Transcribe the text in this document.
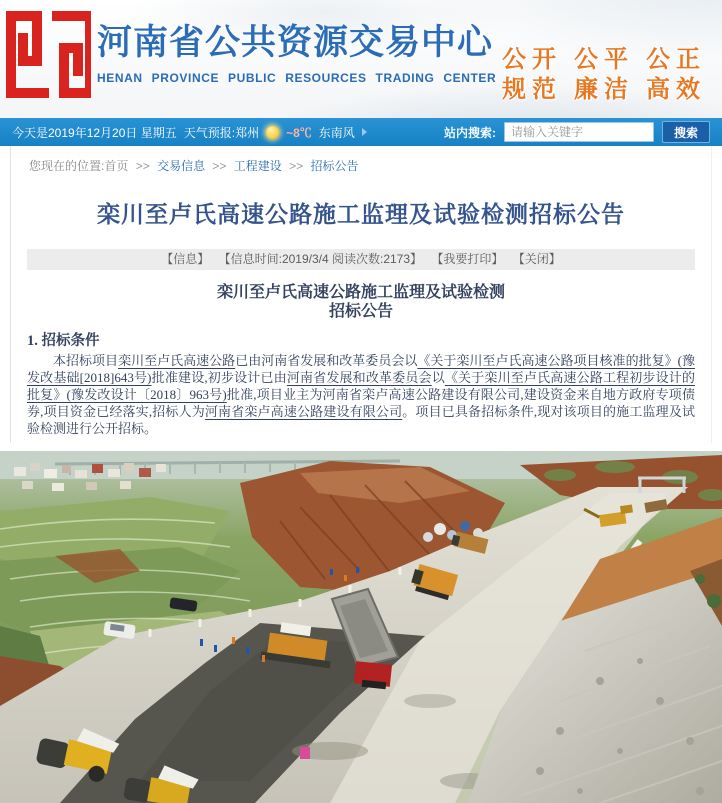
河南省公共资源交易中心
HENAN PROVINCE PUBLIC RESOURCES TRADING CENTER
公开 公平 公正
规范 廉洁 高效
今天是2019年12月20日 星期五 天气预报:郑州 ~8℃ 东南风	站内搜索:
请输入关键字	搜索
您现在的位置:首页 >> 交易信息 >> 工程建设 >> 招标公告
栾川至卢氏高速公路施工监理及试验检测招标公告
【信息】 【信息时间:2019/3/4 阅读次数:2173】 【我要打印】 【关闭】
栾川至卢氏高速公路施工监理及试验检测
招标公告
1. 招标条件

本招标项目栾川至卢氏高速公路已由河南省发展和改革委员会以《关于栾川至卢氏高速公路项目核准的批复》(豫发改基础[2018]643号)批准建设,初步设计已由河南省发展和改革委员会以《关于栾川至卢氏高速公路工程初步设计的批复》(豫发改设计〔2018〕963号)批准,项目业主为河南省栾卢高速公路建设有限公司,建设资金来自地方政府专项债券,项目资金已经落实,招标人为河南省栾卢高速公路建设有限公司。项目已具备招标条件,现对该项目的施工监理及试验检测进行公开招标。
